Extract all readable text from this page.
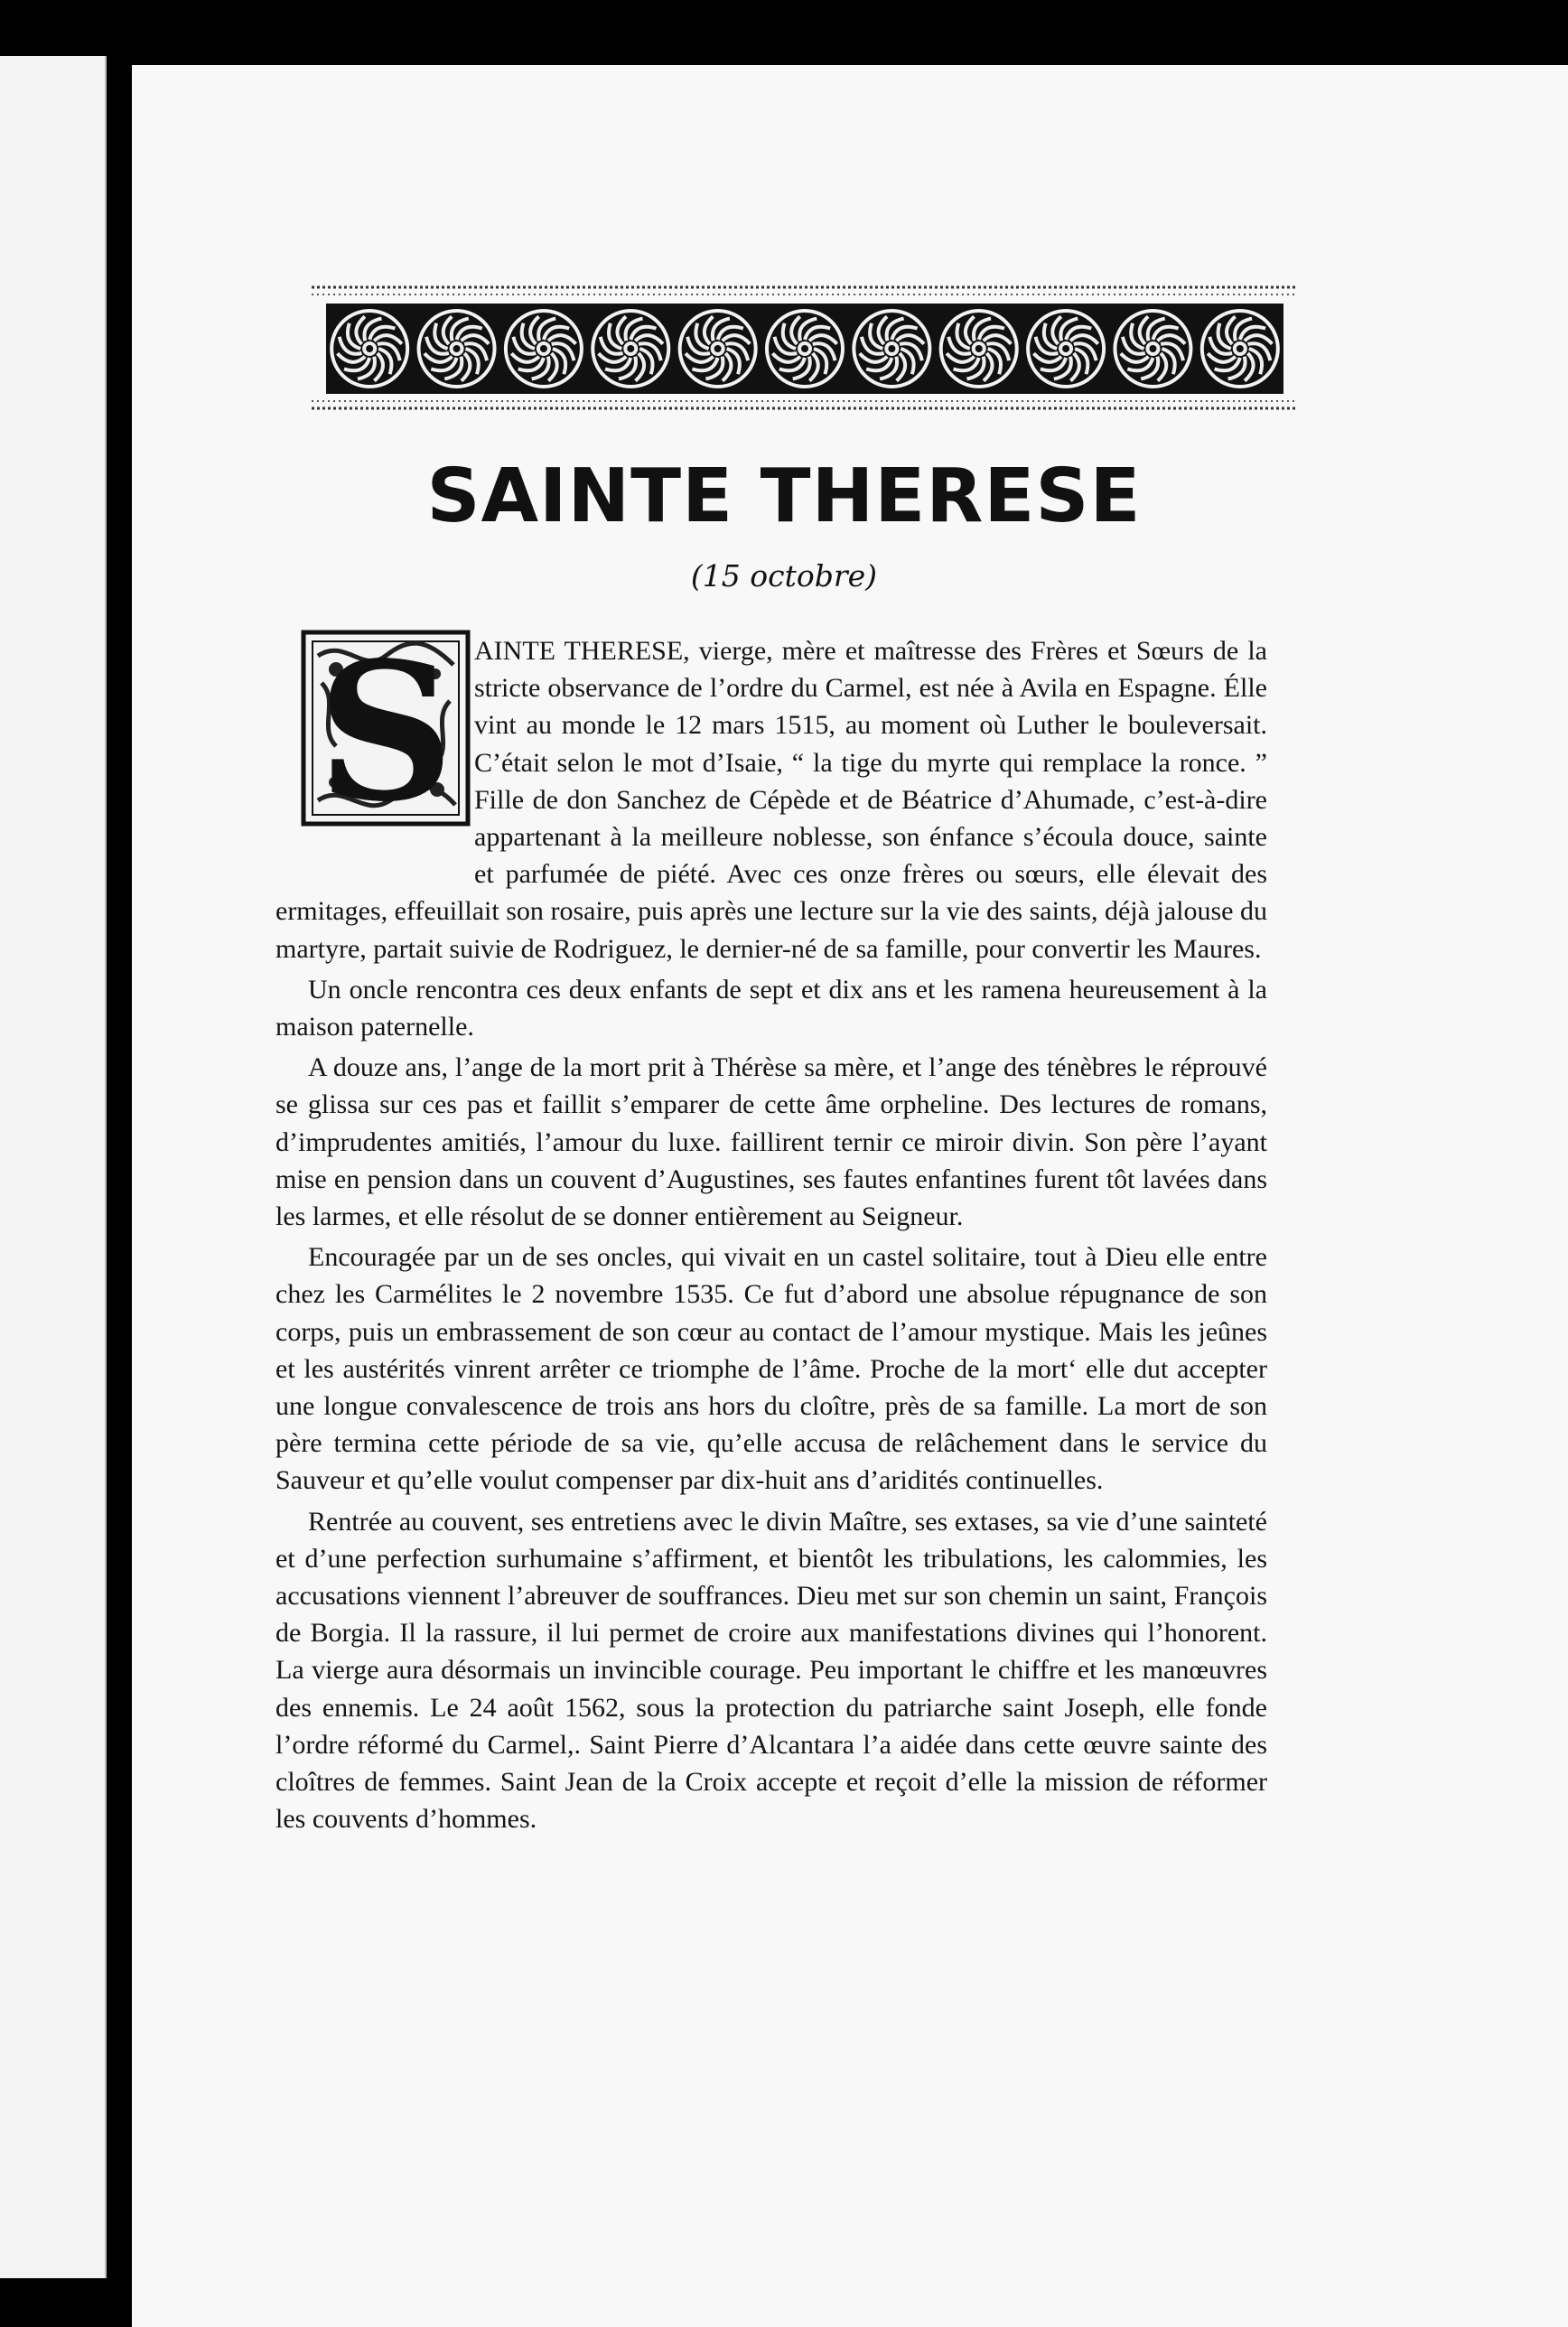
SAINTE THERESE
(15 octobre)
S AINTE THERESE, vierge, mère et maîtresse des Frères et Sœurs de la stricte observance de l’ordre du Carmel, est née à Avila en Espagne. Élle vint au monde le 12 mars 1515, au moment où Luther le bouleversait. C’était selon le mot d’Isaie, “ la tige du myrte qui remplace la ronce. ” Fille de don Sanchez de Cépède et de Béatrice d’Ahumade, c’est-à-dire appartenant à la meilleure noblesse, son énfance s’écoula douce, sainte et parfumée de piété. Avec ces onze frères ou sœurs, elle élevait des ermitages, effeuillait son rosaire, puis après une lecture sur la vie des saints, déjà jalouse du martyre, partait suivie de Rodriguez, le dernier-né de sa famille, pour convertir les Maures.

Un oncle rencontra ces deux enfants de sept et dix ans et les ramena heureusement à la maison paternelle.

A douze ans, l’ange de la mort prit à Thérèse sa mère, et l’ange des ténèbres le réprouvé se glissa sur ces pas et faillit s’emparer de cette âme orpheline. Des lectures de romans, d’imprudentes amitiés, l’amour du luxe. faillirent ternir ce miroir divin. Son père l’ayant mise en pension dans un couvent d’Augustines, ses fautes enfantines furent tôt lavées dans les larmes, et elle résolut de se donner entièrement au Seigneur.

Encouragée par un de ses oncles, qui vivait en un castel solitaire, tout à Dieu elle entre chez les Carmélites le 2 novembre 1535. Ce fut d’abord une absolue répugnance de son corps, puis un embrassement de son cœur au contact de l’amour mystique. Mais les jeûnes et les austérités vinrent arrêter ce triomphe de l’âme. Proche de la mort‘ elle dut accepter une longue convalescence de trois ans hors du cloître, près de sa famille. La mort de son père termina cette période de sa vie, qu’elle accusa de relâchement dans le service du Sauveur et qu’elle voulut compenser par dix-huit ans d’aridités continuelles.

Rentrée au couvent, ses entretiens avec le divin Maître, ses extases, sa vie d’une sainteté et d’une perfection surhumaine s’affirment, et bientôt les tribulations, les calommies, les accusations viennent l’abreuver de souffrances. Dieu met sur son chemin un saint, François de Borgia. Il la rassure, il lui permet de croire aux manifestations divines qui l’honorent. La vierge aura désormais un invincible courage. Peu important le chiffre et les manœuvres des ennemis. Le 24 août 1562, sous la protection du patriarche saint Joseph, elle fonde l’ordre réformé du Carmel,. Saint Pierre d’Alcantara l’a aidée dans cette œuvre sainte des cloîtres de femmes. Saint Jean de la Croix accepte et reçoit d’elle la mission de réformer les couvents d’hommes.
